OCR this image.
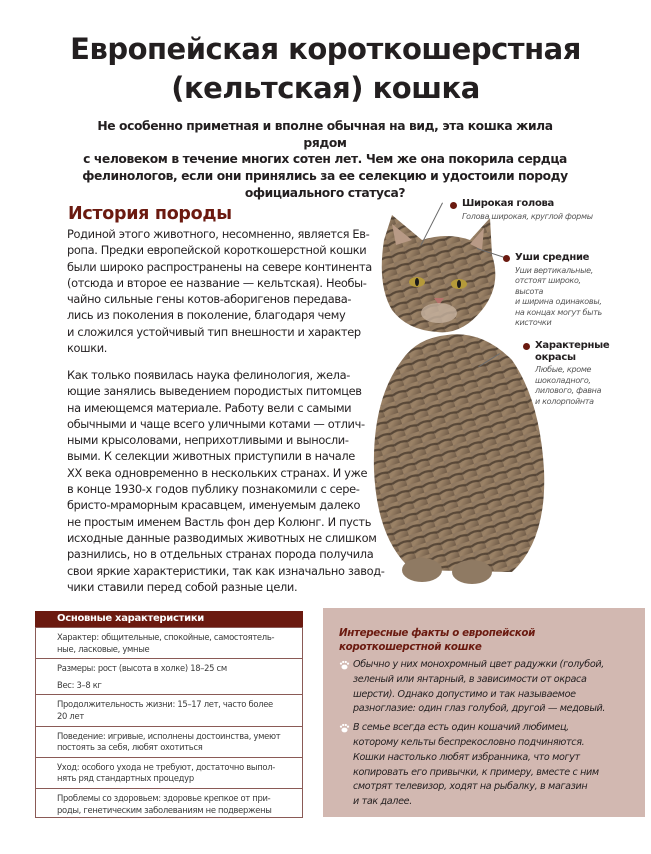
Европейская короткошерстная
(кельтская) кошка

Не особенно приметная и вполне обычная на вид, эта кошка жила рядом
с человеком в течение многих сотен лет. Чем же она покорила сердца
фелинологов, если они принялись за ее селекцию и удостоили породу
официального статуса?

История породы

Родиной этого животного, несомненно, является Ев-
ропа. Предки европейской короткошерстной кошки
были широко распространены на севере континента
(отсюда и второе ее название — кельтская). Необы-
чайно сильные гены котов-аборигенов передава-
лись из поколения в поколение, благодаря чему
и сложился устойчивый тип внешности и характер
кошки.

Как только появилась наука фелинология, жела-
ющие занялись выведением породистых питомцев
на имеющемся материале. Работу вели с самыми
обычными и чаще всего уличными котами — отлич-
ными крысоловами, неприхотливыми и выносли-
выми. К селекции животных приступили в начале
XX века одновременно в нескольких странах. И уже
в конце 1930-х годов публику познакомили с сере-
бристо-мраморным красавцем, именуемым далеко
не простым именем Вастль фон дер Колюнг. И пусть
исходные данные разводимых животных не слишком
разнились, но в отдельных странах порода получила
свои яркие характеристики, так как изначально завод-
чики ставили перед собой разные цели.

Широкая голова
Голова широкая, круглой формы
Уши средние
Уши вертикальные,
отстоят широко,
высота
и ширина одинаковы,
на концах могут быть
кисточки
Характерные
окрасы
Любые, кроме
шоколадного,
лилового, фавна
и колорпойнта
Основные характеристики
Характер: общительные, спокойные, самостоятель-
ные, ласковые, умные
Размеры: рост (высота в холке) 18–25 см
Вес: 3–8 кг
Продолжительность жизни: 15–17 лет, часто более
20 лет
Поведение: игривые, исполнены достоинства, умеют
постоять за себя, любят охотиться
Уход: особого ухода не требуют, достаточно выпол-
нять ряд стандартных процедур
Проблемы со здоровьем: здоровье крепкое от при-
роды, генетическим заболеваниям не подвержены
Интересные факты о европейской
короткошерстной кошке
Обычно у них монохромный цвет радужки (голубой,
зеленый или янтарный, в зависимости от окраса
шерсти). Однако допустимо и так называемое
разноглазие: один глаз голубой, другой — медовый.
В семье всегда есть один кошачий любимец,
которому кельты беспрекословно подчиняются.
Кошки настолько любят избранника, что могут
копировать его привычки, к примеру, вместе с ним
смотрят телевизор, ходят на рыбалку, в магазин
и так далее.
